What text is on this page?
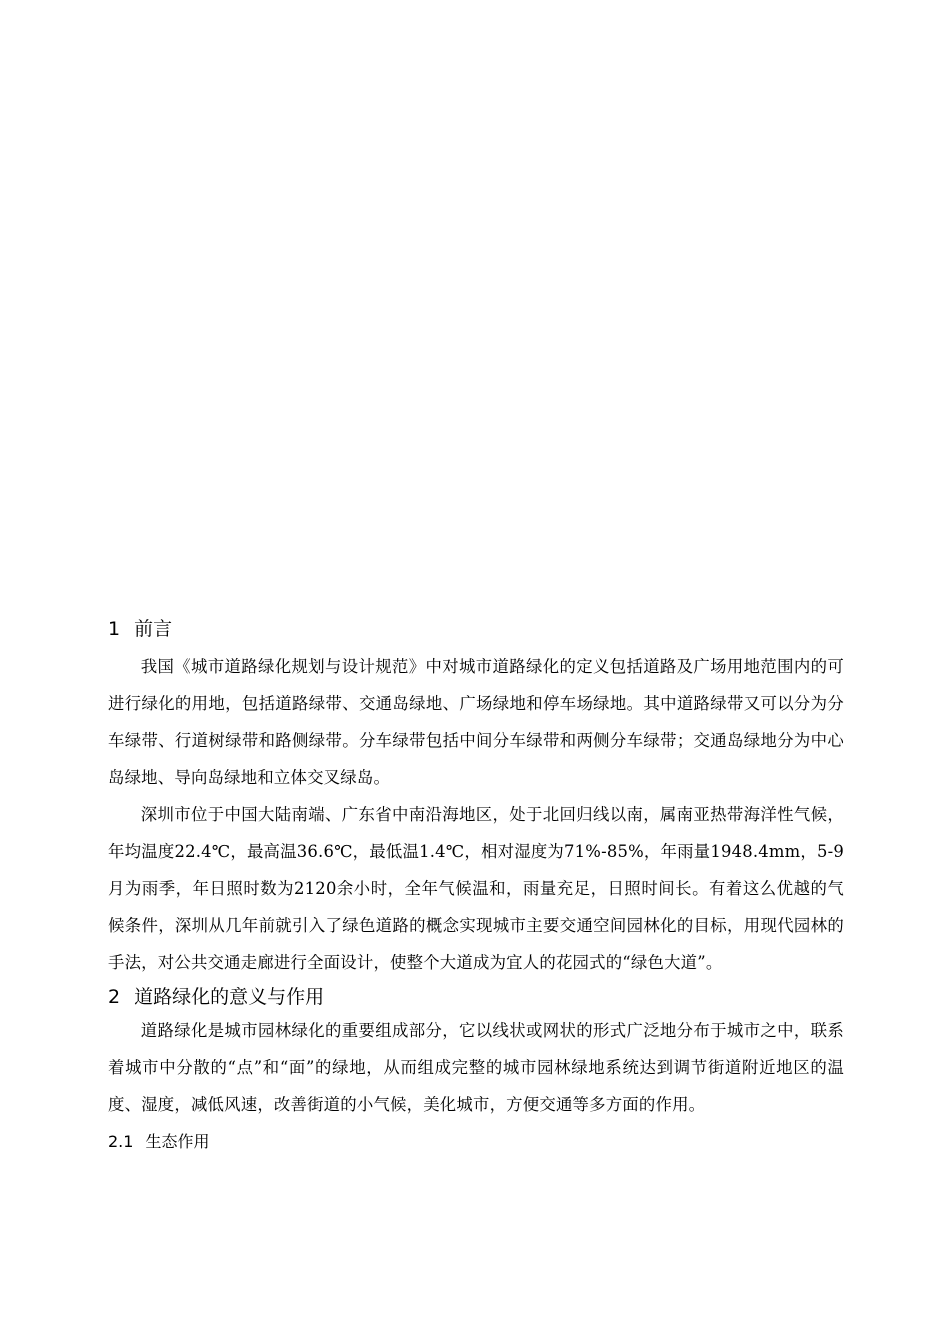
1 前言

我国《城市道路绿化规划与设计规范》中对城市道路绿化的定义包括道路及广场用地范围内的可进行绿化的用地，包括道路绿带、交通岛绿地、广场绿地和停车场绿地。其中道路绿带又可以分为分车绿带、行道树绿带和路侧绿带。分车绿带包括中间分车绿带和两侧分车绿带；交通岛绿地分为中心岛绿地、导向岛绿地和立体交叉绿岛。

深圳市位于中国大陆南端、广东省中南沿海地区，处于北回归线以南，属南亚热带海洋性气候，年均温度22.4℃，最高温36.6℃，最低温1.4℃，相对湿度为71%-85%，年雨量1948.4mm，5-9月为雨季，年日照时数为2120余小时，全年气候温和，雨量充足，日照时间长。有着这么优越的气候条件，深圳从几年前就引入了绿色道路的概念实现城市主要交通空间园林化的目标，用现代园林的手法，对公共交通走廊进行全面设计，使整个大道成为宜人的花园式的“绿色大道”。

2 道路绿化的意义与作用

道路绿化是城市园林绿化的重要组成部分，它以线状或网状的形式广泛地分布于城市之中，联系着城市中分散的“点”和“面”的绿地，从而组成完整的城市园林绿地系统达到调节街道附近地区的温度、湿度，减低风速，改善街道的小气候，美化城市，方便交通等多方面的作用。

2.1 生态作用
